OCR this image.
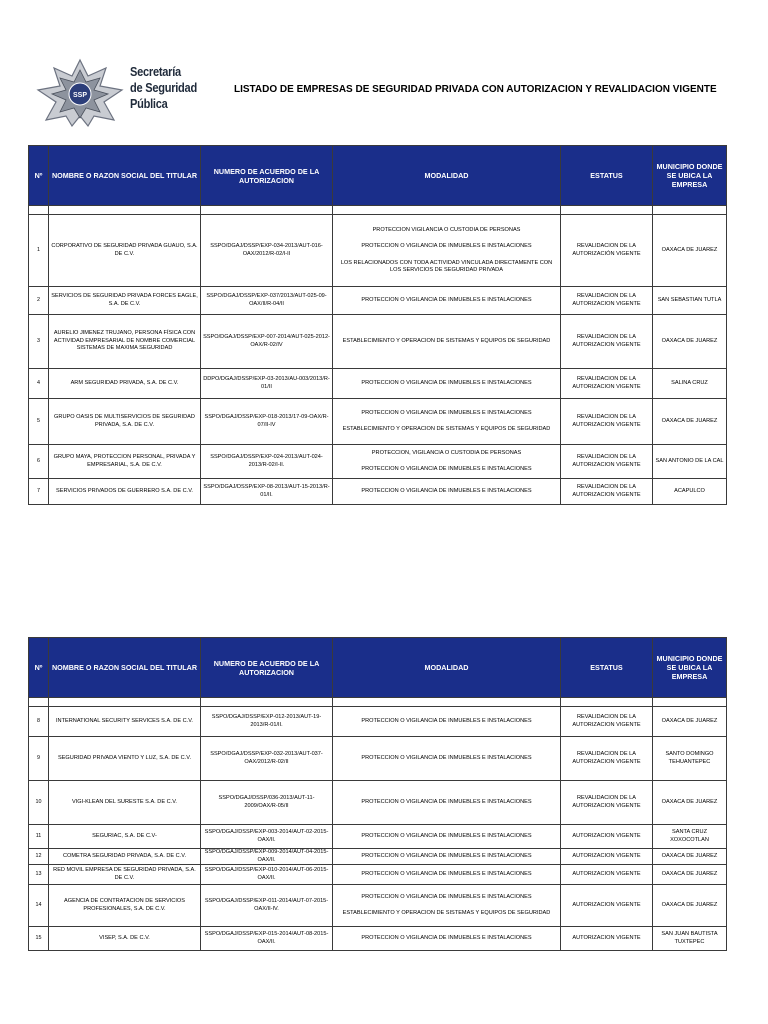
SSP
Secretaría
de Seguridad
Pública
LISTADO DE EMPRESAS DE SEGURIDAD PRIVADA CON AUTORIZACION Y REVALIDACION VIGENTE
Nº	NOMBRE O RAZON SOCIAL DEL TITULAR	NUMERO DE ACUERDO DE LA AUTORIZACION	MODALIDAD	ESTATUS	MUNICIPIO DONDE SE UBICA LA EMPRESA

1	CORPORATIVO DE SEGURIDAD PRIVADA GUAUO, S.A. DE C.V.	SSPO/DGAJ/DSSP/EXP-034-2013/AUT-016-OAX/2012/R-02/I-II	PROTECCION VIGILANCIA O CUSTODIA DE PERSONAS
PROTECCION O VIGILANCIA DE INMUEBLES E INSTALACIONES
LOS RELACIONADOS CON TODA ACTIVIDAD VINCULADA DIRECTAMENTE CON LOS SERVICIOS DE SEGURIDAD PRIVADA	REVALIDACION DE LA AUTORIZACIÓN VIGENTE	OAXACA DE JUAREZ
2	SERVICIOS DE SEGURIDAD PRIVADA FORCES EAGLE, S.A. DE C.V.	SSPO/DGAJ/DSSP/EXP-037/2013/AUT-025-09-OAX/II/R-04/II	PROTECCION O VIGILANCIA DE INMUEBLES E INSTALACIONES	REVALIDACION DE LA AUTORIZACION VIGENTE	SAN SEBASTIAN TUTLA
3	AURELIO JIMENEZ TRUJANO, PERSONA FÍSICA CON ACTIVIDAD EMPRESARIAL DE NOMBRE COMERCIAL SISTEMAS DE MAXIMA SEGURIDAD	SSPO/DGAJ/DSSP/EXP-007-2014/AUT-025-2012-OAX/R-02/IV	ESTABLECIMIENTO Y OPERACION DE SISTEMAS Y EQUIPOS DE SEGURIDAD	REVALIDACION DE LA AUTORIZACION VIGENTE	OAXACA DE JUAREZ
4	ARM SEGURIDAD PRIVADA, S.A. DE C.V.	DDPO/DGAJ/DSSP/EXP-03-2013/AU-003/2013/R-01/II	PROTECCION O VIGILANCIA DE INMUEBLES E INSTALACIONES	REVALIDACION DE LA AUTORIZACION VIGENTE	SALINA CRUZ
5	GRUPO OASIS DE MULTISERVICIOS DE SEGURIDAD PRIVADA, S.A. DE C.V.	SSPO/DGAJ/DSSP/EXP-018-2013/17-09-OAX/R-07/II-IV	PROTECCION O VIGILANCIA DE INMUEBLES E INSTALACIONES
ESTABLECIMIENTO Y OPERACION DE SISTEMAS Y EQUIPOS DE SEGURIDAD	REVALIDACION DE LA AUTORIZACION VIGENTE	OAXACA DE JUAREZ
6	GRUPO MAYA, PROTECCION PERSONAL, PRIVADA Y EMPRESARIAL, S.A. DE C.V.	SSPO/DGAJ/DSSP/EXP-024-2013/AUT-024-2013/R-02/I-II.	PROTECCION, VIGILANCIA O CUSTODIA DE PERSONAS
PROTECCION O VIGILANCIA DE INMUEBLES E INSTALACIONES	REVALIDACION DE LA AUTORIZACION VIGENTE	SAN ANTONIO DE LA CAL
7	SERVICIOS PRIVADOS DE GUERRERO S.A. DE C.V.	SSPO/DGAJ/DSSP/EXP-08-2013/AUT-15-2013/R-01/II.	PROTECCION O VIGILANCIA DE INMUEBLES E INSTALACIONES	REVALIDACION DE LA AUTORIZACION VIGENTE	ACAPULCO
Nº	NOMBRE O RAZON SOCIAL DEL TITULAR	NUMERO DE ACUERDO DE LA AUTORIZACION	MODALIDAD	ESTATUS	MUNICIPIO DONDE SE UBICA LA EMPRESA

8	INTERNATIONAL SECURITY SERVICES S.A. DE C.V.	SSPO/DGAJ/DSSP/EXP-012-2013/AUT-19-2013/R-01/II.	PROTECCION O VIGILANCIA DE INMUEBLES E INSTALACIONES	REVALIDACION DE LA AUTORIZACION VIGENTE	OAXACA DE JUAREZ
9	SEGURIDAD PRIVADA VIENTO Y LUZ, S.A. DE C.V.	SSPO/DGAJ/DSSP/EXP-032-2013/AUT-037-OAX/2012/R-02/II	PROTECCION O VIGILANCIA DE INMUEBLES E INSTALACIONES	REVALIDACION DE LA AUTORIZACION VIGENTE	SANTO DOMINGO TEHUANTEPEC
10	VIGI-KLEAN DEL SURESTE S.A. DE C.V.	SSPO/DGAJ/DSSP/036-2013/AUT-11-2009/OAX/R-05/II	PROTECCION O VIGILANCIA DE INMUEBLES E INSTALACIONES	REVALIDACION DE LA AUTORIZACION VIGENTE	OAXACA DE JUAREZ
11	SEGURIAC, S.A. DE C.V-	SSPO/DGAJ/DSSP/EXP-003-2014/AUT-02-2015-OAX/II.	PROTECCION O VIGILANCIA DE INMUEBLES E INSTALACIONES	AUTORIZACION VIGENTE	SANTA CRUZ XOXOCOTLAN
12	COMETRA SEGURIDAD PRIVADA, S.A. DE C.V.	SSPO/DGAJ/DSSP/EXP-009-2014/AUT-04-2015-OAX/II.	PROTECCION O VIGILANCIA DE INMUEBLES E INSTALACIONES	AUTORIZACION VIGENTE	OAXACA DE JUAREZ
13	RED MOVIL EMPRESA DE SEGURIDAD PRIVADA, S.A. DE C.V.	SSPO/DGAJ/DSSP/EXP-010-2014/AUT-06-2015-OAX/II.	PROTECCION O VIGILANCIA DE INMUEBLES E INSTALACIONES	AUTORIZACION VIGENTE	OAXACA DE JUAREZ
14	AGENCIA DE CONTRATACION DE SERVICIOS PROFESIONALES, S.A. DE C.V.	SSPO/DGAJ/DSSP/EXP-011-2014/AUT-07-2015-OAX/II-IV.	PROTECCION O VIGILANCIA DE INMUEBLES E INSTALACIONES
ESTABLECIMIENTO Y OPERACION DE SISTEMAS Y EQUIPOS DE SEGURIDAD	AUTORIZACION VIGENTE	OAXACA DE JUAREZ
15	VISEP, S.A. DE C.V.	SSPO/DGAJ/DSSP/EXP-015-2014/AUT-08-2015-OAX/II.	PROTECCION O VIGILANCIA DE INMUEBLES E INSTALACIONES	AUTORIZACION VIGENTE	SAN JUAN BAUTISTA TUXTEPEC
